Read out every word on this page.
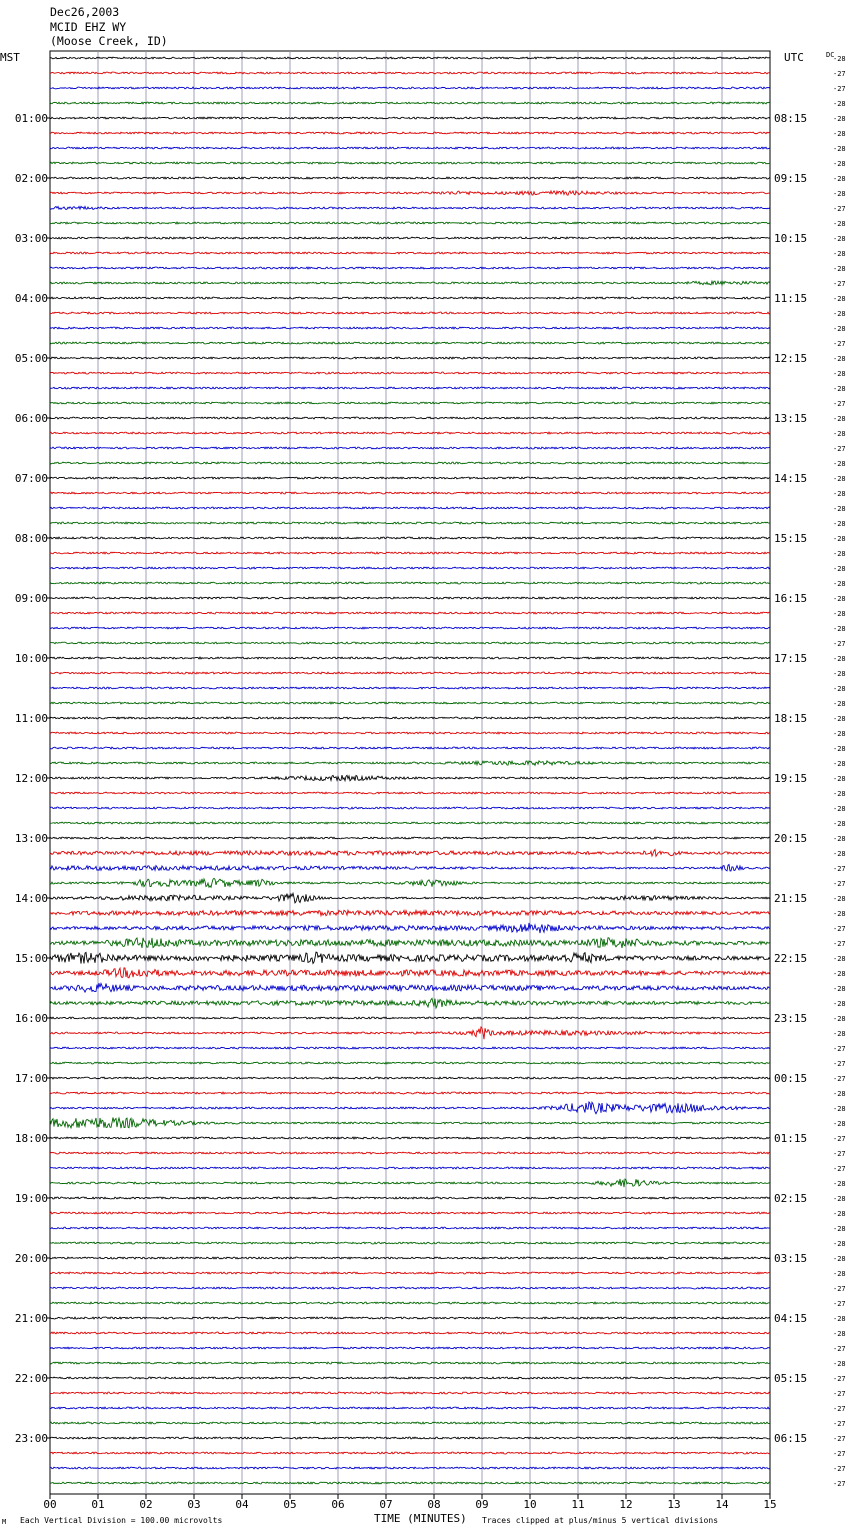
00	01	02	03	04	05	06	07	08	09	10	11	12	13	14	15
-28
-27
-27
-28
-28
-28
-28
-28
-28
-28
-27
-28
-28
-28
-28
-27
-28
-28
-28
-27
-28
-28
-28
-27
-28
-28
-27
-28
-28
-28
-28
-28
-28
-28
-28
-28
-28
-28
-28
-27
-28
-28
-28
-28
-28
-28
-28
-28
-28
-28
-28
-28
-28
-28
-27
-27
-28
-28
-27
-27
-28
-28
-28
-28
-28
-28
-27
-27
-27
-28
-28
-28
-27
-27
-27
-28
-28
-28
-28
-28
-28
-28
-27
-27
-28
-28
-27
-28
-27
-27
-27
-27
-27
-27
-27
-27
MST	UTC	DC
01:00
02:00
03:00
04:00
05:00
06:00
07:00
08:00
09:00
10:00
11:00
12:00
13:00
14:00
15:00
16:00
17:00
18:00
19:00
20:00
21:00
22:00
23:00
08:15
09:15
10:15
11:15
12:15
13:15
14:15
15:15
16:15
17:15
18:15
19:15
20:15
21:15
22:15
23:15
00:15
01:15
02:15
03:15
04:15
05:15
06:15
Dec26,2003
MCID EHZ WY
(Moose Creek, ID)
M Each Vertical Division = 100.00 microvolts	TIME (MINUTES) Traces clipped at plus/minus 5 vertical divisions
